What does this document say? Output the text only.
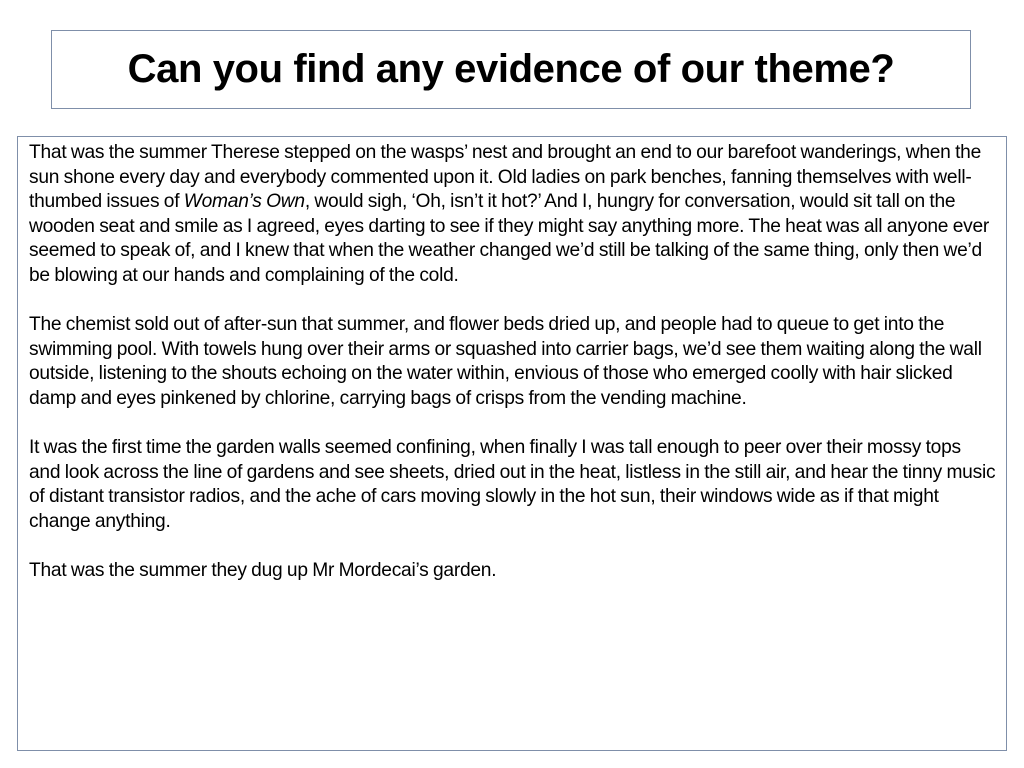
Can you find any evidence of our theme?

That was the summer Therese stepped on the wasps’ nest and brought an end to our barefoot wanderings, when the sun shone every day and everybody commented upon it. Old ladies on park benches, fanning themselves with well-thumbed issues of Woman’s Own, would sigh, ‘Oh, isn’t it hot?’ And I, hungry for conversation, would sit tall on the wooden seat and smile as I agreed, eyes darting to see if they might say anything more. The heat was all anyone ever seemed to speak of, and I knew that when the weather changed we’d still be talking of the same thing, only then we’d be blowing at our hands and complaining of the cold.

The chemist sold out of after-sun that summer, and flower beds dried up, and people had to queue to get into the swimming pool. With towels hung over their arms or squashed into carrier bags, we’d see them waiting along the wall outside, listening to the shouts echoing on the water within, envious of those who emerged coolly with hair slicked damp and eyes pinkened by chlorine, carrying bags of crisps from the vending machine.

It was the first time the garden walls seemed confining, when finally I was tall enough to peer over their mossy tops and look across the line of gardens and see sheets, dried out in the heat, listless in the still air, and hear the tinny music of distant transistor radios, and the ache of cars moving slowly in the hot sun, their windows wide as if that might change anything.

That was the summer they dug up Mr Mordecai’s garden.
